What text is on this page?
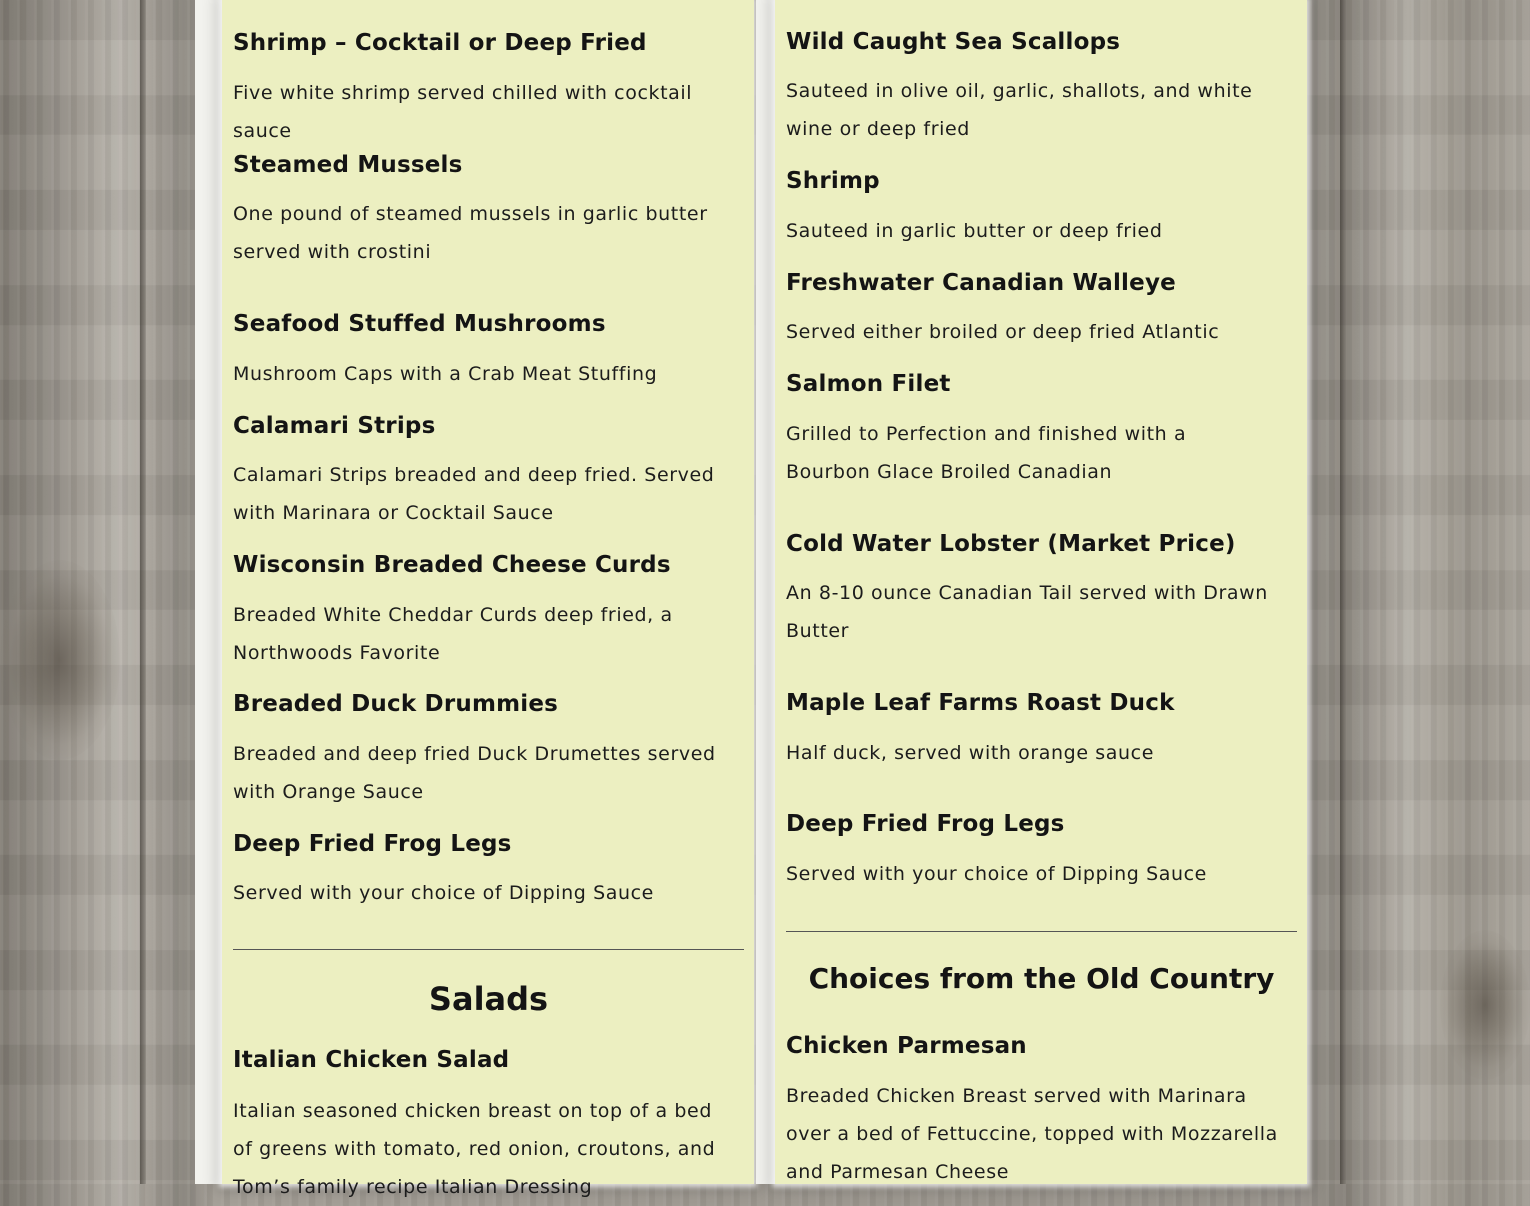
Shrimp – Cocktail or Deep Fried

Five white shrimp served chilled with cocktail sauce

Steamed Mussels

One pound of steamed mussels in garlic butter served with crostini

Seafood Stuffed Mushrooms

Mushroom Caps with a Crab Meat Stuffing

Calamari Strips

Calamari Strips breaded and deep fried. Served with Marinara or Cocktail Sauce

Wisconsin Breaded Cheese Curds

Breaded White Cheddar Curds deep fried, a Northwoods Favorite

Breaded Duck Drummies

Breaded and deep fried Duck Drumettes served with Orange Sauce

Deep Fried Frog Legs

Served with your choice of Dipping Sauce

Salads
Italian Chicken Salad

Italian seasoned chicken breast on top of a bed of greens with tomato, red onion, croutons, and Tom’s family recipe Italian Dressing

Wild Caught Sea Scallops

Sauteed in olive oil, garlic, shallots, and white wine or deep fried

Shrimp

Sauteed in garlic butter or deep fried

Freshwater Canadian Walleye

Served either broiled or deep fried Atlantic

Salmon Filet

Grilled to Perfection and finished with a Bourbon Glace Broiled Canadian

Cold Water Lobster (Market Price)

An 8-10 ounce Canadian Tail served with Drawn Butter

Maple Leaf Farms Roast Duck

Half duck, served with orange sauce

Deep Fried Frog Legs

Served with your choice of Dipping Sauce

Choices from the Old Country
Chicken Parmesan

Breaded Chicken Breast served with Marinara over a bed of Fettuccine, topped with Mozzarella and Parmesan Cheese
